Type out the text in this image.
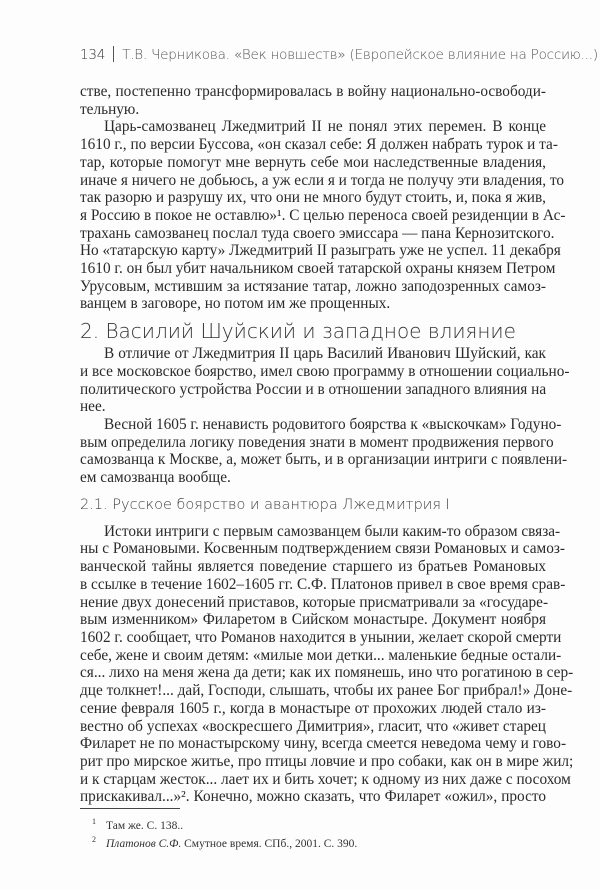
134 Т.В. Черникова. «Век новшеств» (Европейское влияние на Россию...)
стве, постепенно трансформировалась в войну национально-освободи-
тельную.
Царь-самозванец Лжедмитрий II не понял этих перемен. В конце
1610 г., по версии Буссова, «он сказал себе: Я должен набрать турок и та-
тар, которые помогут мне вернуть себе мои наследственные владения,
иначе я ничего не добьюсь, а уж если я и тогда не получу эти владения, то
так разорю и разрушу их, что они не много будут стоить, и, пока я жив,
я Россию в покое не оставлю»¹. С целью переноса своей резиденции в Ас-
трахань самозванец послал туда своего эмиссара — пана Кернозитского.
Но «татарскую карту» Лжедмитрий II разыграть уже не успел. 11 декабря
1610 г. он был убит начальником своей татарской охраны князем Петром
Урусовым, мстившим за истязание татар, ложно заподозренных самоз-
ванцем в заговоре, но потом им же прощенных.
2. Василий Шуйский и западное влияние
В отличие от Лжедмитрия II царь Василий Иванович Шуйский, как
и все московское боярство, имел свою программу в отношении социально-
политического устройства России и в отношении западного влияния на
нее.
Весной 1605 г. ненависть родовитого боярства к «выскочкам» Годуно-
вым определила логику поведения знати в момент продвижения первого
самозванца к Москве, а, может быть, и в организации интриги с появлени-
ем самозванца вообще.
2.1. Русское боярство и авантюра Лжедмитрия I
Истоки интриги с первым самозванцем были каким-то образом связа-
ны с Романовыми. Косвенным подтверждением связи Романовых и самоз-
ванческой тайны является поведение старшего из братьев Романовых
в ссылке в течение 1602–1605 гг. С.Ф. Платонов привел в свое время срав-
нение двух донесений приставов, которые присматривали за «государе-
вым изменником» Филаретом в Сийском монастыре. Документ ноября
1602 г. сообщает, что Романов находится в унынии, желает скорой смерти
себе, жене и своим детям: «милые мои детки... маленькие бедные остали-
ся... лихо на меня жена да дети; как их помянешь, ино что рогатиною в сер-
дце толкнет!... дай, Господи, слышать, чтобы их ранее Бог прибрал!» Доне-
сение февраля 1605 г., когда в монастыре от прохожих людей стало из-
вестно об успехах «воскресшего Димитрия», гласит, что «живет старец
Филарет не по монастырскому чину, всегда смеется неведома чему и гово-
рит про мирское житье, про птицы ловчие и про собаки, как он в мире жил;
и к старцам жесток... лает их и бить хочет; к одному из них даже с посохом
прискакивал...»². Конечно, можно сказать, что Филарет «ожил», просто
$^1$ Там же. С. 138..
$^2$ Платонов С.Ф. Смутное время. СПб., 2001. С. 390.
